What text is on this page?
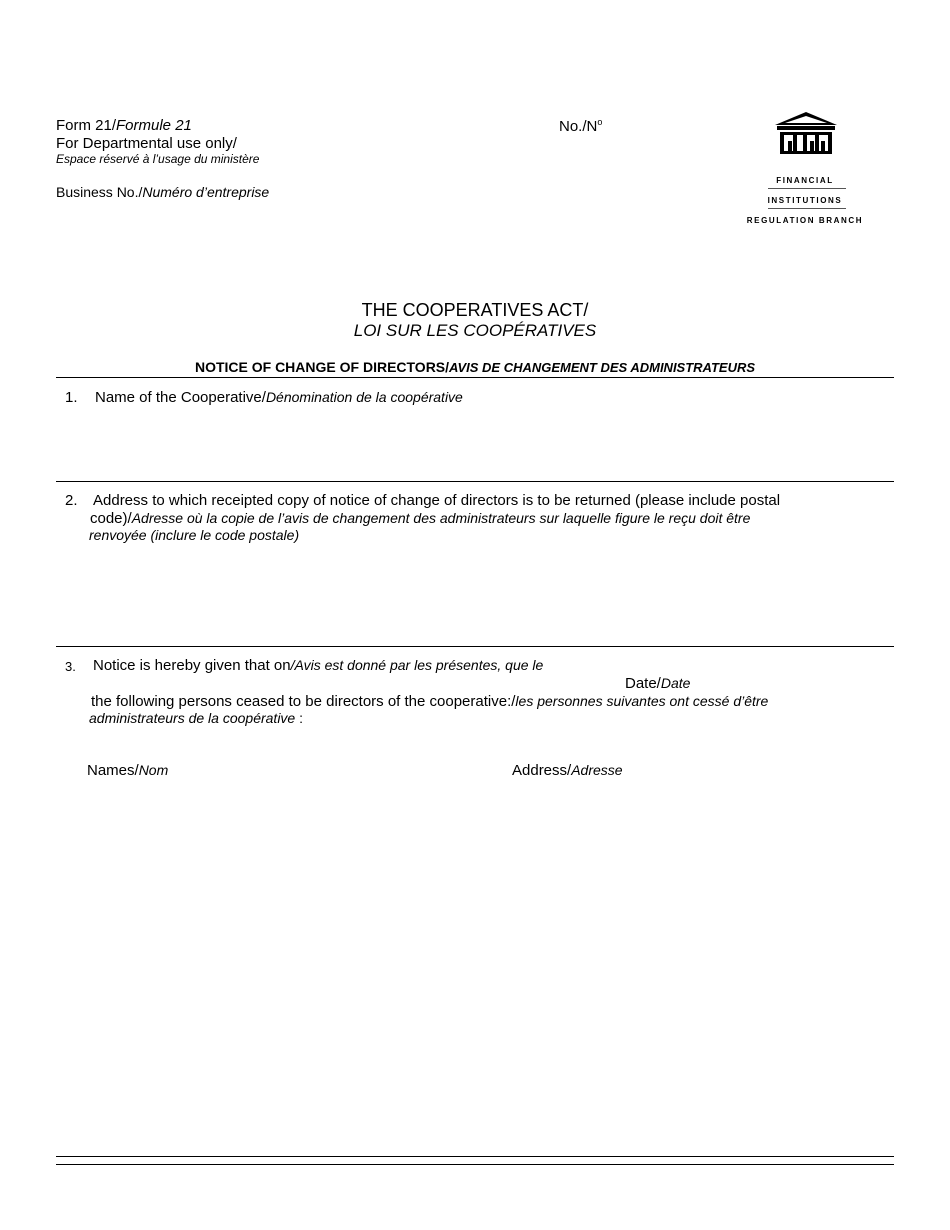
Form 21/Formule 21
For Departmental use only/
Espace réservé à l’usage du ministère
Business No./Numéro d’entreprise
$No./N^o$
FINANCIAL
INSTITUTIONS
REGULATION BRANCH
THE COOPERATIVES ACT/
LOI SUR LES COOPÉRATIVES
NOTICE OF CHANGE OF DIRECTORS/AVIS DE CHANGEMENT DES ADMINISTRATEURS
1. Name of the Cooperative/Dénomination de la coopérative
2. Address to which receipted copy of notice of change of directors is to be returned (please include postal
code)/Adresse où la copie de l’avis de changement des administrateurs sur laquelle figure le reçu doit être
renvoyée (inclure le code postale)
3. Notice is hereby given that on/Avis est donné par les présentes, que le
Date/Date
the following persons ceased to be directors of the cooperative:/les personnes suivantes ont cessé d’être
administrateurs de la coopérative :
Names/Nom	Address/Adresse
